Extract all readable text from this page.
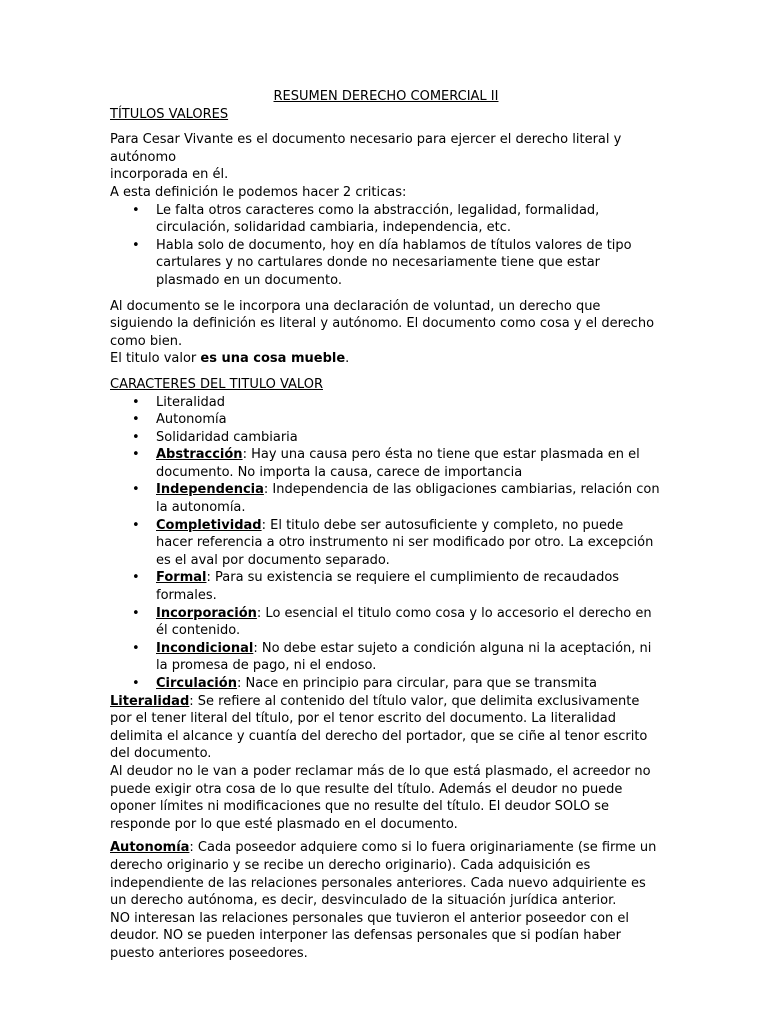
RESUMEN DERECHO COMERCIAL II

TÍTULOS VALORES

Para Cesar Vivante es el documento necesario para ejercer el derecho literal y autónomo

incorporada en él.

A esta definición le podemos hacer 2 criticas:

• Le falta otros caracteres como la abstracción, legalidad, formalidad, circulación, solidaridad cambiaria, independencia, etc.
• Habla solo de documento, hoy en día hablamos de títulos valores de tipo cartulares y no cartulares donde no necesariamente tiene que estar plasmado en un documento.

Al documento se le incorpora una declaración de voluntad, un derecho que siguiendo la definición es literal y autónomo. El documento como cosa y el derecho como bien.

El titulo valor es una cosa mueble.

CARACTERES DEL TITULO VALOR

• Literalidad
• Autonomía
• Solidaridad cambiaria
• Abstracción: Hay una causa pero ésta no tiene que estar plasmada en el documento. No importa la causa, carece de importancia
• Independencia: Independencia de las obligaciones cambiarias, relación con la autonomía.
• Completividad: El titulo debe ser autosuficiente y completo, no puede hacer referencia a otro instrumento ni ser modificado por otro. La excepción es el aval por documento separado.
• Formal: Para su existencia se requiere el cumplimiento de recaudados formales.
• Incorporación: Lo esencial el titulo como cosa y lo accesorio el derecho en él contenido.
• Incondicional: No debe estar sujeto a condición alguna ni la aceptación, ni la promesa de pago, ni el endoso.
• Circulación: Nace en principio para circular, para que se transmita

Literalidad: Se refiere al contenido del título valor, que delimita exclusivamente por el tener literal del título, por el tenor escrito del documento. La literalidad delimita el alcance y cuantía del derecho del portador, que se ciñe al tenor escrito del documento.

Al deudor no le van a poder reclamar más de lo que está plasmado, el acreedor no puede exigir otra cosa de lo que resulte del título. Además el deudor no puede oponer límites ni modificaciones que no resulte del título. El deudor SOLO se responde por lo que esté plasmado en el documento.

Autonomía: Cada poseedor adquiere como si lo fuera originariamente (se firme un derecho originario y se recibe un derecho originario). Cada adquisición es independiente de las relaciones personales anteriores. Cada nuevo adquiriente es un derecho autónoma, es decir, desvinculado de la situación jurídica anterior.

NO interesan las relaciones personales que tuvieron el anterior poseedor con el deudor. NO se pueden interponer las defensas personales que si podían haber puesto anteriores poseedores.
